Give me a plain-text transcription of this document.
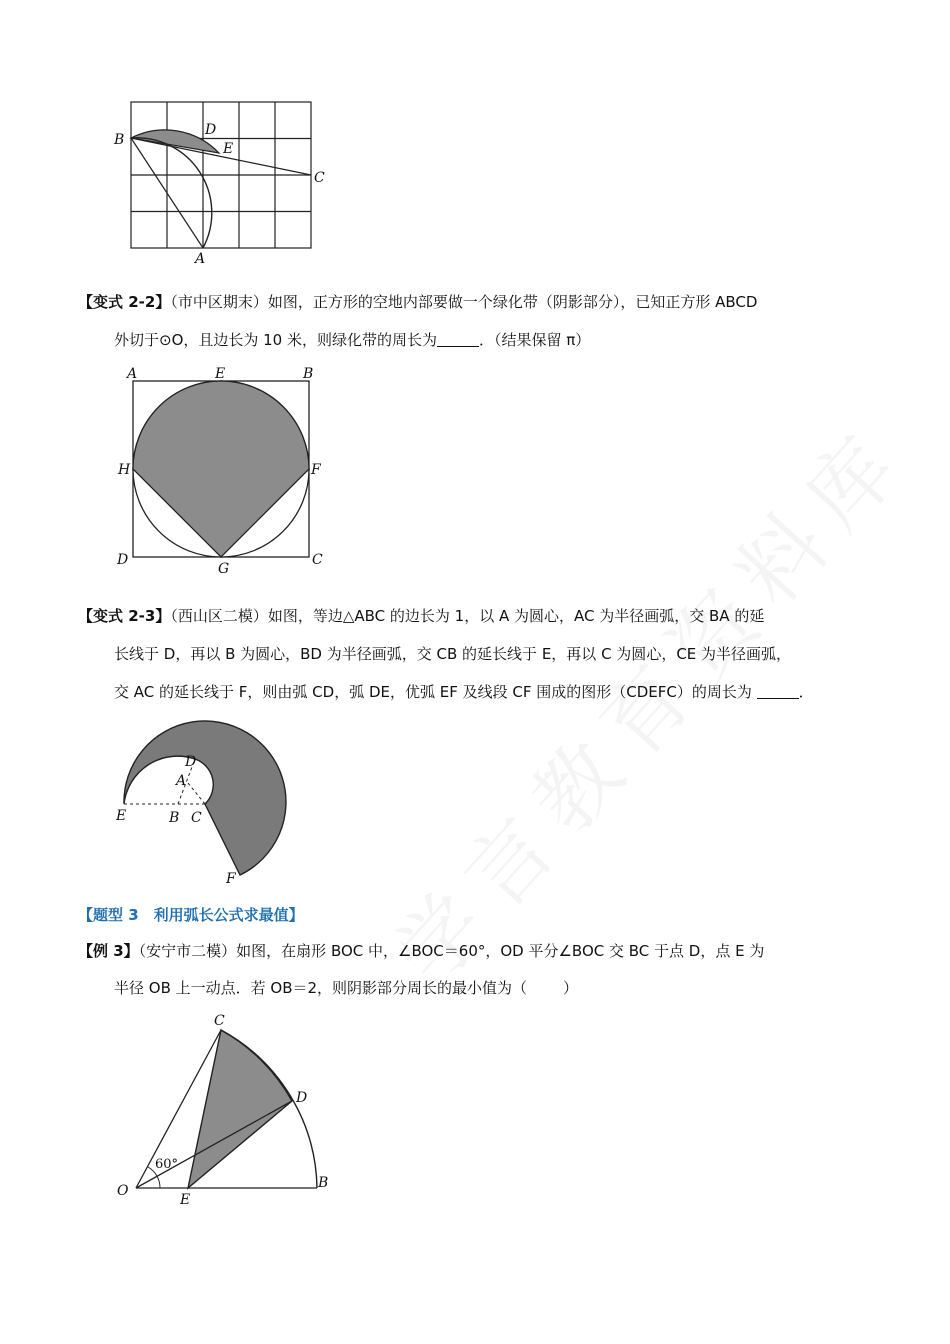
B
D
E
C
A
【变式 2-2】（市中区期末）如图，正方形的空地内部要做一个绿化带（阴影部分），已知正方形 ABCD
外切于⊙O，且边长为 10 米，则绿化带的周长为	．（结果保留 π）
A	E	B
H	F
D
G
C
【变式 2-3】（西山区二模）如图，等边△ABC 的边长为 1，以 A 为圆心，AC 为半径画弧，交 BA 的延
长线于 D，再以 B 为圆心，BD 为半径画弧，交 CB 的延长线于 E，再以 C 为圆心，CE 为半径画弧，
交 AC 的延长线于 F，则由弧 CD，弧 DE，优弧 EF 及线段 CF 围成的图形（CDEFC）的周长为	．
D
A
E	B C
F
【题型 3　利用弧长公式求最值】
【例 3】（安宁市二模）如图，在扇形 BOC 中，∠BOC＝60°，OD 平分∠BOC 交 BC 于点 D，点 E 为
半径 OB 上一动点．若 OB＝2，则阴影部分周长的最小值为（ ）
C
D
O
E
B
60°
